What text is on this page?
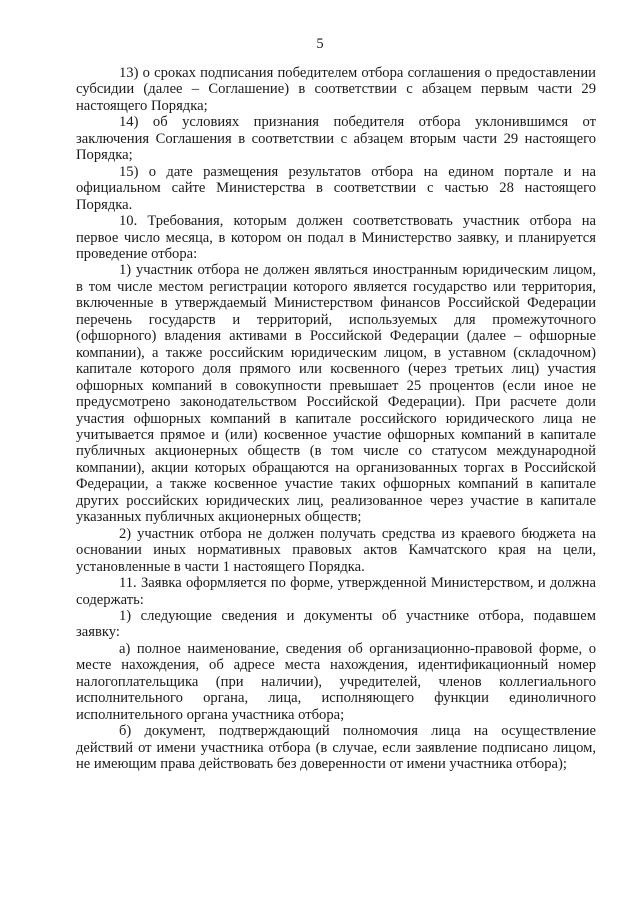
5

13) о сроках подписания победителем отбора соглашения о предоставлении субсидии (далее – Соглашение) в соответствии с абзацем первым части 29 настоящего Порядка;

14) об условиях признания победителя отбора уклонившимся от заключения Соглашения в соответствии с абзацем вторым части 29 настоящего Порядка;

15) о дате размещения результатов отбора на едином портале и на официальном сайте Министерства в соответствии с частью 28 настоящего Порядка.

10. Требования, которым должен соответствовать участник отбора на первое число месяца, в котором он подал в Министерство заявку, и планируется проведение отбора:

1) участник отбора не должен являться иностранным юридическим лицом, в том числе местом регистрации которого является государство или территория, включенные в утверждаемый Министерством финансов Российской Федерации перечень государств и территорий, используемых для промежуточного (офшорного) владения активами в Российской Федерации (далее – офшорные компании), а также российским юридическим лицом, в уставном (складочном) капитале которого доля прямого или косвенного (через третьих лиц) участия офшорных компаний в совокупности превышает 25 процентов (если иное не предусмотрено законодательством Российской Федерации). При расчете доли участия офшорных компаний в капитале российского юридического лица не учитывается прямое и (или) косвенное участие офшорных компаний в капитале публичных акционерных обществ (в том числе со статусом международной компании), акции которых обращаются на организованных торгах в Российской Федерации, а также косвенное участие таких офшорных компаний в капитале других российских юридических лиц, реализованное через участие в капитале указанных публичных акционерных обществ;

2) участник отбора не должен получать средства из краевого бюджета на основании иных нормативных правовых актов Камчатского края на цели, установленные в части 1 настоящего Порядка.

11. Заявка оформляется по форме, утвержденной Министерством, и должна содержать:

1) следующие сведения и документы об участнике отбора, подавшем заявку:

а) полное наименование, сведения об организационно-правовой форме, о месте нахождения, об адресе места нахождения, идентификационный номер налогоплательщика (при наличии), учредителей, членов коллегиального исполнительного органа, лица, исполняющего функции единоличного исполнительного органа участника отбора;

б) документ, подтверждающий полномочия лица на осуществление действий от имени участника отбора (в случае, если заявление подписано лицом, не имеющим права действовать без доверенности от имени участника отбора);
